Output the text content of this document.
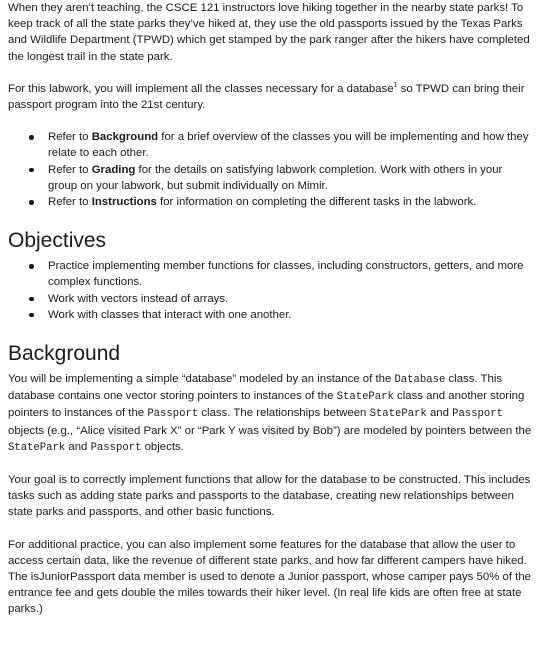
When they aren’t teaching, the CSCE 121 instructors love hiking together in the nearby state parks! To keep track of all the state parks they’ve hiked at, they use the old passports issued by the Texas Parks and Wildlife Department (TPWD) which get stamped by the park ranger after the hikers have completed the longest trail in the state park.

For this labwork, you will implement all the classes necessary for a database$^1$ so TPWD can bring their passport program into the 21st century.

Refer to Background for a brief overview of the classes you will be implementing and how they relate to each other.
Refer to Grading for the details on satisfying labwork completion. Work with others in your group on your labwork, but submit individually on Mimir.
Refer to Instructions for information on completing the different tasks in the labwork.
Objectives
Practice implementing member functions for classes, including constructors, getters, and more complex functions.
Work with vectors instead of arrays.
Work with classes that interact with one another.
Background

You will be implementing a simple “database” modeled by an instance of the Database class. This database contains one vector storing pointers to instances of the StatePark class and another storing pointers to instances of the Passport class. The relationships between StatePark and Passport objects (e.g., “Alice visited Park X” or “Park Y was visited by Bob”) are modeled by pointers between the StatePark and Passport objects.

Your goal is to correctly implement functions that allow for the database to be constructed. This includes tasks such as adding state parks and passports to the database, creating new relationships between state parks and passports, and other basic functions.

For additional practice, you can also implement some features for the database that allow the user to access certain data, like the revenue of different state parks, and how far different campers have hiked. The isJuniorPassport data member is used to denote a Junior passport, whose camper pays 50% of the entrance fee and gets double the miles towards their hiker level. (In real life kids are often free at state parks.)
